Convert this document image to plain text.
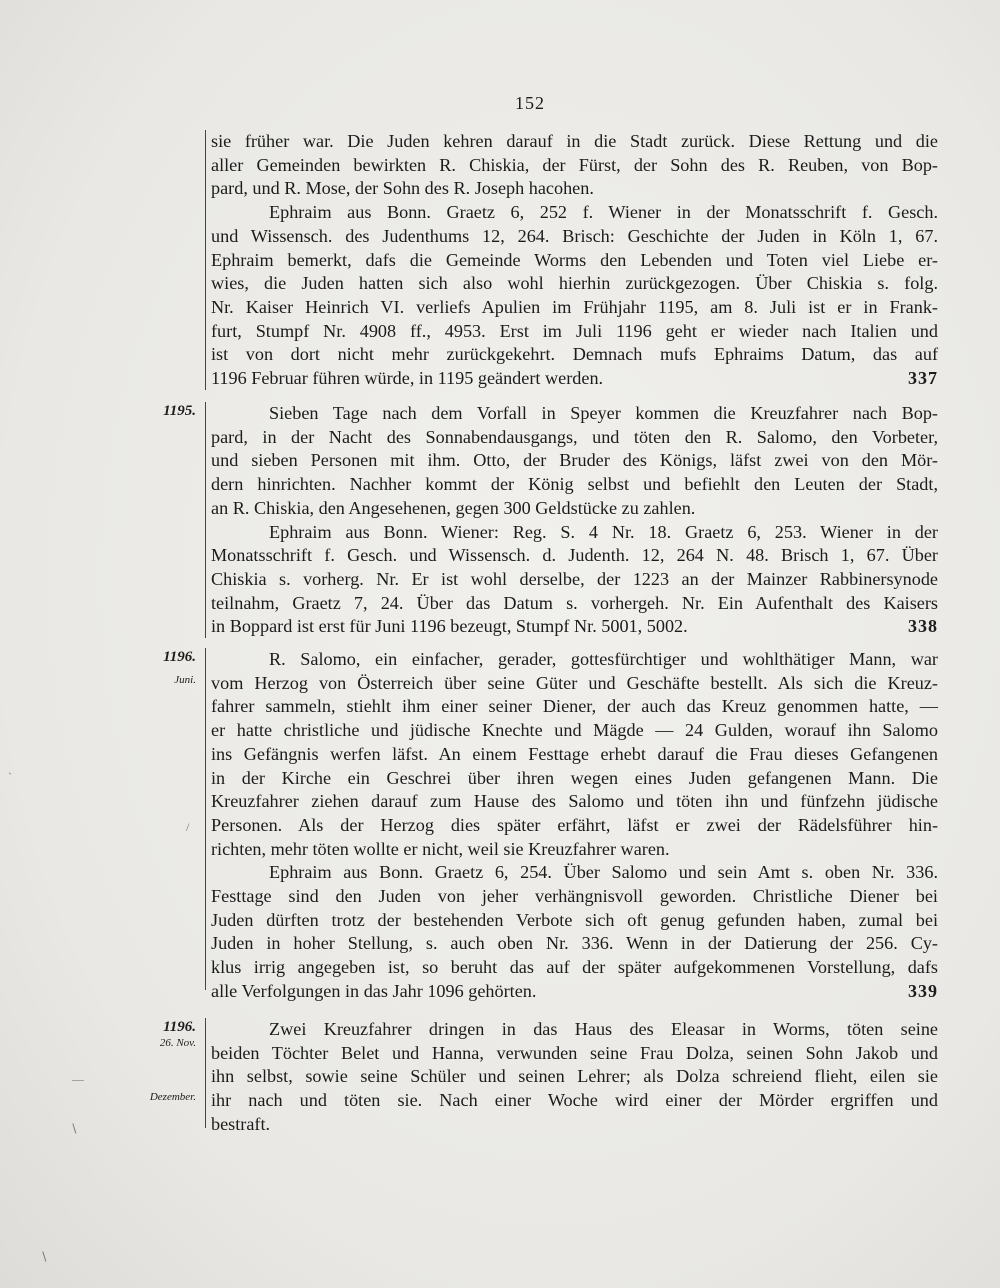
152

sie früher war. Die Juden kehren darauf in die Stadt zurück. Diese Rettung und die

aller Gemeinden bewirkten R. Chiskia, der Fürst, der Sohn des R. Reuben, von Bop-

pard, und R. Mose, der Sohn des R. Joseph hacohen.

Ephraim aus Bonn. Graetz 6, 252 f. Wiener in der Monatsschrift f. Gesch.

und Wissensch. des Judenthums 12, 264. Brisch: Geschichte der Juden in Köln 1, 67.

Ephraim bemerkt, dafs die Gemeinde Worms den Lebenden und Toten viel Liebe er-

wies, die Juden hatten sich also wohl hierhin zurückgezogen. Über Chiskia s. folg.

Nr. Kaiser Heinrich VI. verliefs Apulien im Frühjahr 1195, am 8. Juli ist er in Frank-

furt, Stumpf Nr. 4908 ff., 4953. Erst im Juli 1196 geht er wieder nach Italien und

ist von dort nicht mehr zurückgekehrt. Demnach mufs Ephraims Datum, das auf

1196 Februar führen würde, in 1195 geändert werden.	337

1195.	Sieben Tage nach dem Vorfall in Speyer kommen die Kreuzfahrer nach Bop-

pard, in der Nacht des Sonnabendausgangs, und töten den R. Salomo, den Vorbeter,

und sieben Personen mit ihm. Otto, der Bruder des Königs, läfst zwei von den Mör-

dern hinrichten. Nachher kommt der König selbst und befiehlt den Leuten der Stadt,

an R. Chiskia, den Angesehenen, gegen 300 Geldstücke zu zahlen.

Ephraim aus Bonn. Wiener: Reg. S. 4 Nr. 18. Graetz 6, 253. Wiener in der

Monatsschrift f. Gesch. und Wissensch. d. Judenth. 12, 264 N. 48. Brisch 1, 67. Über

Chiskia s. vorherg. Nr. Er ist wohl derselbe, der 1223 an der Mainzer Rabbinersynode

teilnahm, Graetz 7, 24. Über das Datum s. vorhergeh. Nr. Ein Aufenthalt des Kaisers

in Boppard ist erst für Juni 1196 bezeugt, Stumpf Nr. 5001, 5002.	338

1196.
Juni.

R. Salomo, ein einfacher, gerader, gottesfürchtiger und wohlthätiger Mann, war

vom Herzog von Österreich über seine Güter und Geschäfte bestellt. Als sich die Kreuz-

fahrer sammeln, stiehlt ihm einer seiner Diener, der auch das Kreuz genommen hatte, —

er hatte christliche und jüdische Knechte und Mägde — 24 Gulden, worauf ihn Salomo

ins Gefängnis werfen läfst. An einem Festtage erhebt darauf die Frau dieses Gefangenen

in der Kirche ein Geschrei über ihren wegen eines Juden gefangenen Mann. Die

Kreuzfahrer ziehen darauf zum Hause des Salomo und töten ihn und fünfzehn jüdische

Personen. Als der Herzog dies später erfährt, läfst er zwei der Rädelsführer hin-

richten, mehr töten wollte er nicht, weil sie Kreuzfahrer waren.

Ephraim aus Bonn. Graetz 6, 254. Über Salomo und sein Amt s. oben Nr. 336.

Festtage sind den Juden von jeher verhängnisvoll geworden. Christliche Diener bei

Juden dürften trotz der bestehenden Verbote sich oft genug gefunden haben, zumal bei

Juden in hoher Stellung, s. auch oben Nr. 336. Wenn in der Datierung der 256. Cy-

klus irrig angegeben ist, so beruht das auf der später aufgekommenen Vorstellung, dafs

alle Verfolgungen in das Jahr 1096 gehörten.	339

1196.
26. Nov.
Dezember.

Zwei Kreuzfahrer dringen in das Haus des Eleasar in Worms, töten seine

beiden Töchter Belet und Hanna, verwunden seine Frau Dolza, seinen Sohn Jakob und

ihn selbst, sowie seine Schüler und seinen Lehrer; als Dolza schreiend flieht, eilen sie

ihr nach und töten sie. Nach einer Woche wird einer der Mörder ergriffen und

bestraft.

`
/
—
∖
∖
